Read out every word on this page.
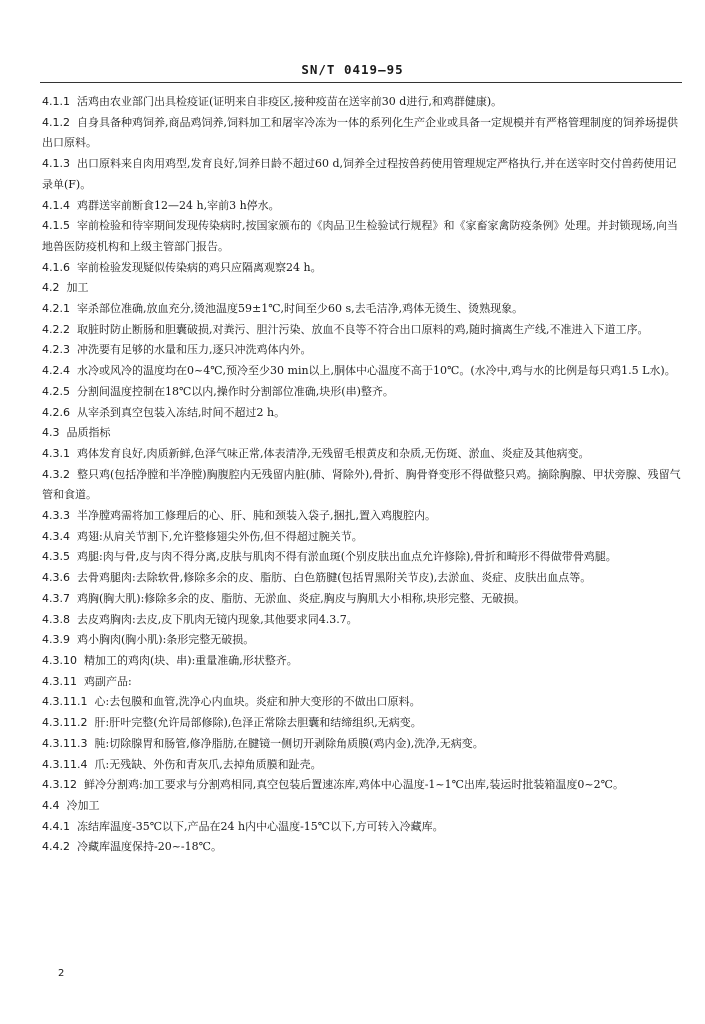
SN/T 0419—95

4.1.1 活鸡由农业部门出具检疫证(证明来自非疫区,接种疫苗在送宰前30 d进行,和鸡群健康)。

4.1.2 自身具备种鸡饲养,商品鸡饲养,饲料加工和屠宰冷冻为一体的系列化生产企业或具备一定规模并有严格管理制度的饲养场提供出口原料。

4.1.3 出口原料来自肉用鸡型,发育良好,饲养日龄不超过60 d,饲养全过程按兽药使用管理规定严格执行,并在送宰时交付兽药使用记录单(F)。

4.1.4 鸡群送宰前断食12—24 h,宰前3 h停水。

4.1.5 宰前检验和待宰期间发现传染病时,按国家颁布的《肉品卫生检验试行规程》和《家畜家禽防疫条例》处理。并封锁现场,向当地兽医防疫机构和上级主管部门报告。

4.1.6 宰前检验发现疑似传染病的鸡只应隔离观察24 h。

4.2 加工

4.2.1 宰杀部位准确,放血充分,烫池温度59±1℃,时间至少60 s,去毛洁净,鸡体无烫生、烫熟现象。

4.2.2 取脏时防止断肠和胆囊破损,对粪污、胆汁污染、放血不良等不符合出口原料的鸡,随时摘离生产线,不准进入下道工序。

4.2.3 冲洗要有足够的水量和压力,逐只冲洗鸡体内外。

4.2.4 水冷或风冷的温度均在0~4℃,预冷至少30 min以上,胴体中心温度不高于10℃。(水冷中,鸡与水的比例是每只鸡1.5 L水)。

4.2.5 分割间温度控制在18℃以内,操作时分割部位准确,块形(串)整齐。

4.2.6 从宰杀到真空包装入冻结,时间不超过2 h。

4.3 品质指标

4.3.1 鸡体发育良好,肉质新鲜,色泽气味正常,体表清净,无残留毛根黄皮和杂质,无伤斑、淤血、炎症及其他病变。

4.3.2 整只鸡(包括净膛和半净膛)胸腹腔内无残留内脏(肺、肾除外),骨折、胸骨脊变形不得做整只鸡。摘除胸腺、甲状旁腺、残留气管和食道。

4.3.3 半净膛鸡需将加工修理后的心、肝、肫和颈装入袋子,捆扎,置入鸡腹腔内。

4.3.4 鸡翅:从肩关节割下,允许整修翅尖外伤,但不得超过腕关节。

4.3.5 鸡腿:肉与骨,皮与肉不得分离,皮肤与肌肉不得有淤血斑(个别皮肤出血点允许修除),骨折和畸形不得做带骨鸡腿。

4.3.6 去骨鸡腿肉:去除软骨,修除多余的皮、脂肪、白色筋腱(包括胃黑附关节皮),去淤血、炎症、皮肤出血点等。

4.3.7 鸡胸(胸大肌):修除多余的皮、脂肪、无淤血、炎症,胸皮与胸肌大小相称,块形完整、无破损。

4.3.8 去皮鸡胸肉:去皮,皮下肌肉无镜内现象,其他要求同4.3.7。

4.3.9 鸡小胸肉(胸小肌):条形完整无破损。

4.3.10 精加工的鸡肉(块、串):重量准确,形状整齐。

4.3.11 鸡副产品:

4.3.11.1 心:去包膜和血管,洗净心内血块。炎症和肿大变形的不做出口原料。

4.3.11.2 肝:肝叶完整(允许局部修除),色泽正常除去胆囊和结缔组织,无病变。

4.3.11.3 肫:切除腺胃和肠管,修净脂肪,在腱镜一侧切开剥除角质膜(鸡内金),洗净,无病变。

4.3.11.4 爪:无残缺、外伤和青灰爪,去掉角质膜和趾壳。

4.3.12 鲜冷分割鸡:加工要求与分割鸡相同,真空包装后置速冻库,鸡体中心温度-1~1℃出库,装运时批装箱温度0~2℃。

4.4 冷加工

4.4.1 冻结库温度-35℃以下,产品在24 h内中心温度-15℃以下,方可转入冷藏库。

4.4.2 冷藏库温度保持-20~-18℃。

2
